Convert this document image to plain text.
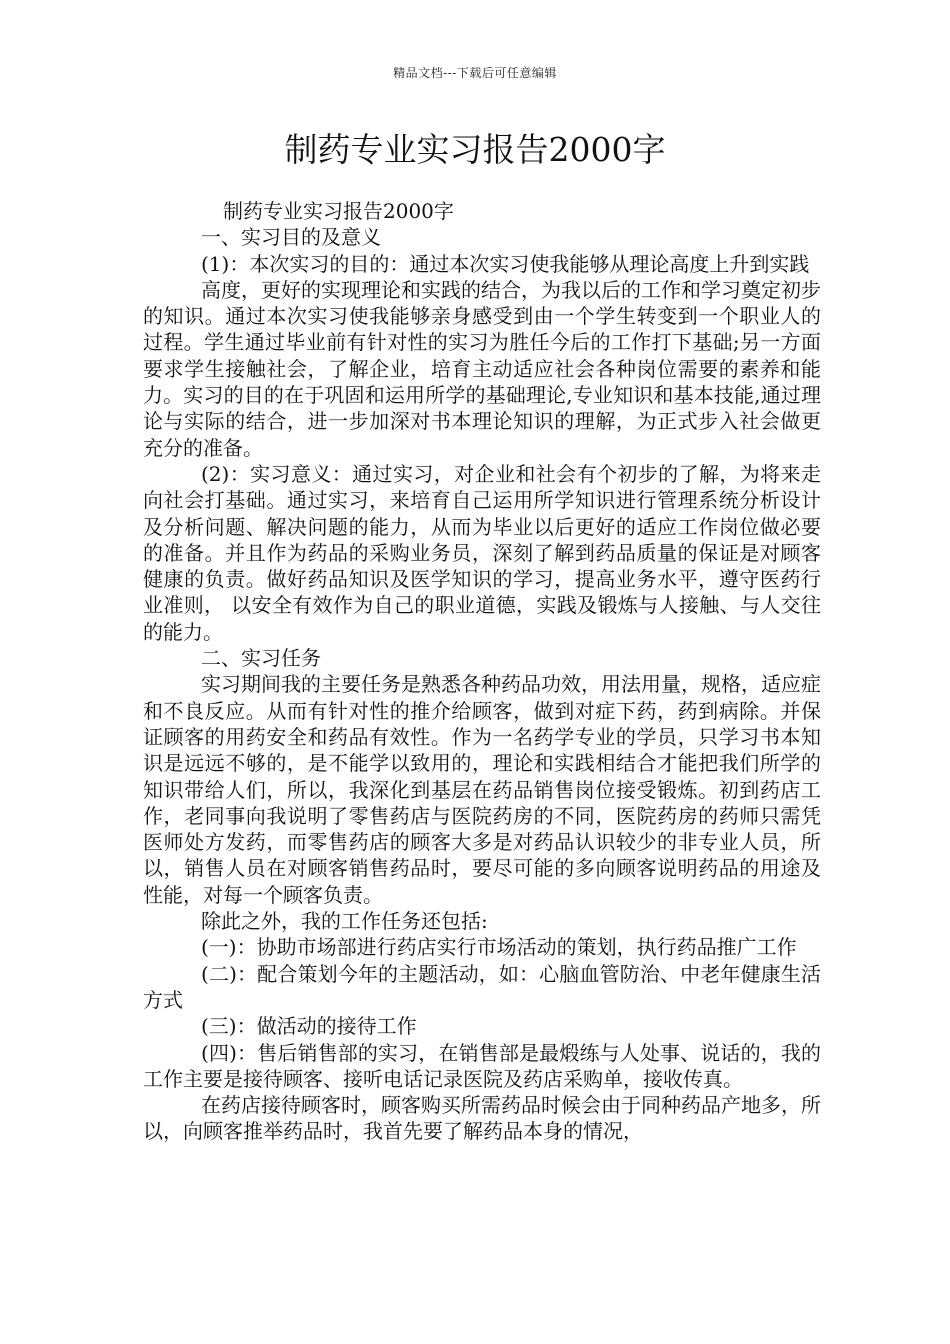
精品文档---下载后可任意编辑
制药专业实习报告2000字

制药专业实习报告2000字

一、实习目的及意义

(1)：本次实习的目的：通过本次实习使我能够从理论高度上升到实践

高度，更好的实现理论和实践的结合，为我以后的工作和学习奠定初步的知识。通过本次实习使我能够亲身感受到由一个学生转变到一个职业人的过程。学生通过毕业前有针对性的实习为胜任今后的工作打下基础;另一方面要求学生接触社会，了解企业，培育主动适应社会各种岗位需要的素养和能力。实习的目的在于巩固和运用所学的基础理论,专业知识和基本技能,通过理论与实际的结合，进一步加深对书本理论知识的理解，为正式步入社会做更充分的准备。

(2)：实习意义：通过实习，对企业和社会有个初步的了解，为将来走向社会打基础。通过实习，来培育自己运用所学知识进行管理系统分析设计及分析问题、解决问题的能力，从而为毕业以后更好的适应工作岗位做必要的准备。并且作为药品的采购业务员，深刻了解到药品质量的保证是对顾客健康的负责。做好药品知识及医学知识的学习，提高业务水平，遵守医药行业准则， 以安全有效作为自己的职业道德，实践及锻炼与人接触、与人交往的能力。

二、实习任务

实习期间我的主要任务是熟悉各种药品功效，用法用量，规格，适应症和不良反应。从而有针对性的推介给顾客，做到对症下药，药到病除。并保证顾客的用药安全和药品有效性。作为一名药学专业的学员，只学习书本知识是远远不够的，是不能学以致用的，理论和实践相结合才能把我们所学的知识带给人们，所以，我深化到基层在药品销售岗位接受锻炼。初到药店工作，老同事向我说明了零售药店与医院药房的不同，医院药房的药师只需凭医师处方发药，而零售药店的顾客大多是对药品认识较少的非专业人员，所以，销售人员在对顾客销售药品时，要尽可能的多向顾客说明药品的用途及性能，对每一个顾客负责。

除此之外，我的工作任务还包括:

(一)：协助市场部进行药店实行市场活动的策划，执行药品推广工作

(二)：配合策划今年的主题活动，如：心脑血管防治、中老年健康生活方式

(三)：做活动的接待工作

(四)：售后销售部的实习，在销售部是最煅练与人处事、说话的，我的工作主要是接待顾客、接听电话记录医院及药店采购单，接收传真。

在药店接待顾客时，顾客购买所需药品时候会由于同种药品产地多，所以，向顾客推举药品时，我首先要了解药品本身的情况，
